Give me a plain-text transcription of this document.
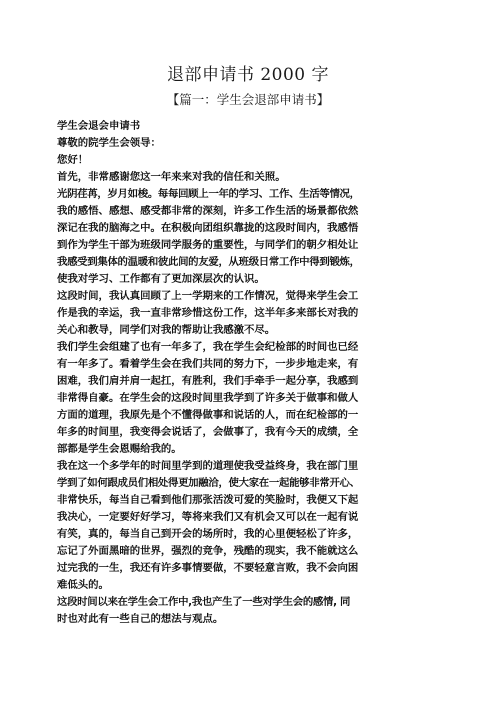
退部申请书 2000 字
【篇一：学生会退部申请书】
学生会退会申请书
尊敬的院学生会领导：
您好！
首先，非常感谢您这一年来来对我的信任和关照。
光阴荏苒，岁月如梭。每每回顾上一年的学习、工作、生活等情况，
我的感悟、感想、感受都非常的深刻，许多工作生活的场景都依然
深记在我的脑海之中。在积极向团组织靠拢的这段时间内，我感悟
到作为学生干部为班级同学服务的重要性，与同学们的朝夕相处让
我感受到集体的温暖和彼此间的友爱，从班级日常工作中得到锻炼，
使我对学习、工作都有了更加深层次的认识。
这段时间，我认真回顾了上一学期来的工作情况，觉得来学生会工
作是我的幸运，我一直非常珍惜这份工作，这半年多来部长对我的
关心和教导，同学们对我的帮助让我感激不尽。
我们学生会组建了也有一年多了，我在学生会纪检部的时间也已经
有一年多了。看着学生会在我们共同的努力下，一步步地走来，有
困难，我们肩并肩一起扛，有胜利，我们手牵手一起分享，我感到
非常得自豪。在学生会的这段时间里我学到了许多关于做事和做人
方面的道理，我原先是个不懂得做事和说话的人，而在纪检部的一
年多的时间里，我变得会说话了，会做事了，我有今天的成绩，全
部都是学生会恩赐给我的。
我在这一个多学年的时间里学到的道理使我受益终身，我在部门里
学到了如何跟成员们相处得更加融洽，使大家在一起能够非常开心、
非常快乐，每当自己看到他们那张活泼可爱的笑脸时，我便又下起
我决心，一定要好好学习，等将来我们又有机会又可以在一起有说
有笑，真的，每当自己到开会的场所时，我的心里便轻松了许多，
忘记了外面黑暗的世界，强烈的竞争，残酷的现实，我不能就这么
过完我的一生，我还有许多事情要做，不要轻意言败，我不会向困
难低头的。
这段时间以来在学生会工作中,我也产生了一些对学生会的感情, 同
时也对此有一些自己的想法与观点。
